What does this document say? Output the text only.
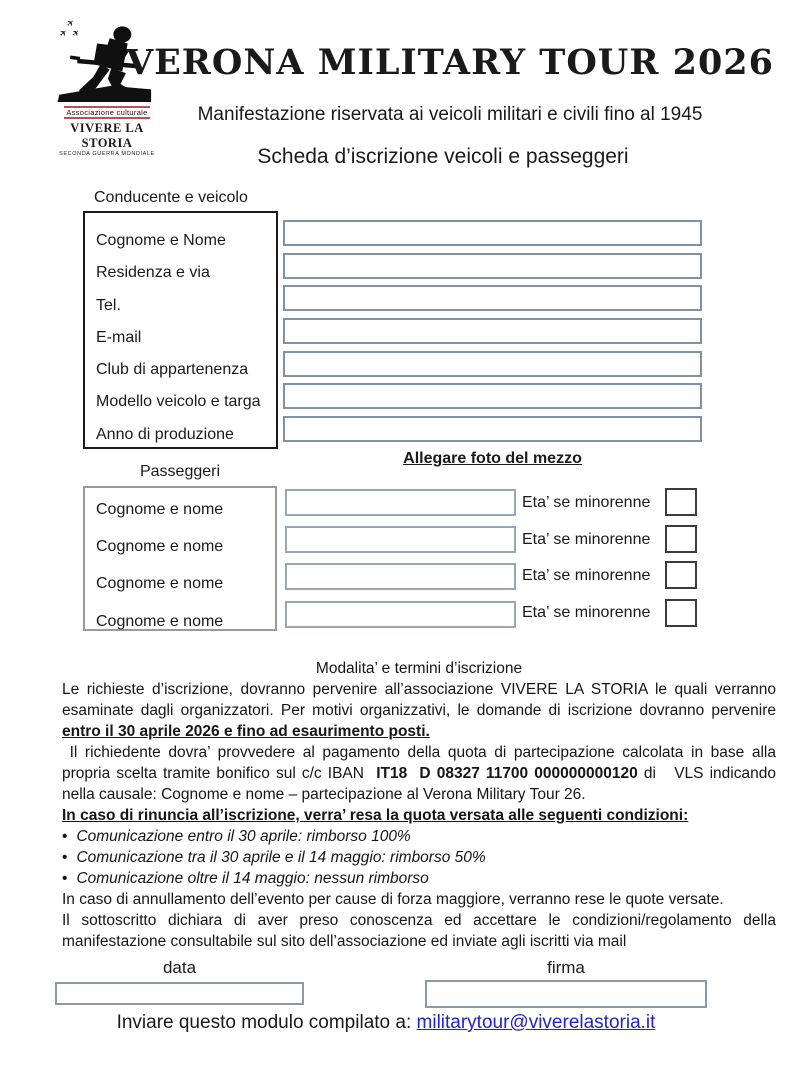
✈
✈ ✈
Associazione culturale
VIVERE LA STORIA
SECONDA GUERRA MONDIALE
VERONA MILITARY TOUR 2026
Manifestazione riservata ai veicoli militari e civili fino al 1945
Scheda d’iscrizione veicoli e passeggeri
Conducente e veicolo
Cognome e Nome
Residenza e via
Tel.
E-mail
Club di appartenenza
Modello veicolo e targa
Anno di produzione
Allegare foto del mezzo
Passeggeri
Cognome e nome
Cognome e nome
Cognome e nome
Cognome e nome
Eta’ se minorenne
Eta’ se minorenne
Eta’ se minorenne
Eta’ se minorenne

Modalita’ e termini d’iscrizione

Le richieste d’iscrizione, dovranno pervenire all’associazione VIVERE LA STORIA le quali verranno esaminate dagli organizzatori. Per motivi organizzativi, le domande di iscrizione dovranno pervenire entro il 30 aprile 2026 e fino ad esaurimento posti.

Il richiedente dovra’ provvedere al pagamento della quota di partecipazione calcolata in base alla propria scelta tramite bonifico sul c/c IBAN  IT18  D 08327 11700 000000000120 di   VLS indicando nella causale: Cognome e nome – partecipazione al Verona Military Tour 26.

In caso di rinuncia all’iscrizione, verra’ resa la quota versata alle seguenti condizioni:

• Comunicazione entro il 30 aprile: rimborso 100%

• Comunicazione tra il 30 aprile e il 14 maggio: rimborso 50%

• Comunicazione oltre il 14 maggio: nessun rimborso

In caso di annullamento dell’evento per cause di forza maggiore, verranno rese le quote versate.

Il sottoscritto dichiara di aver preso conoscenza ed accettare le condizioni/regolamento della manifestazione consultabile sul sito dell’associazione ed inviate agli iscritti via mail

data	firma
Inviare questo modulo compilato a: militarytour@viverelastoria.it
